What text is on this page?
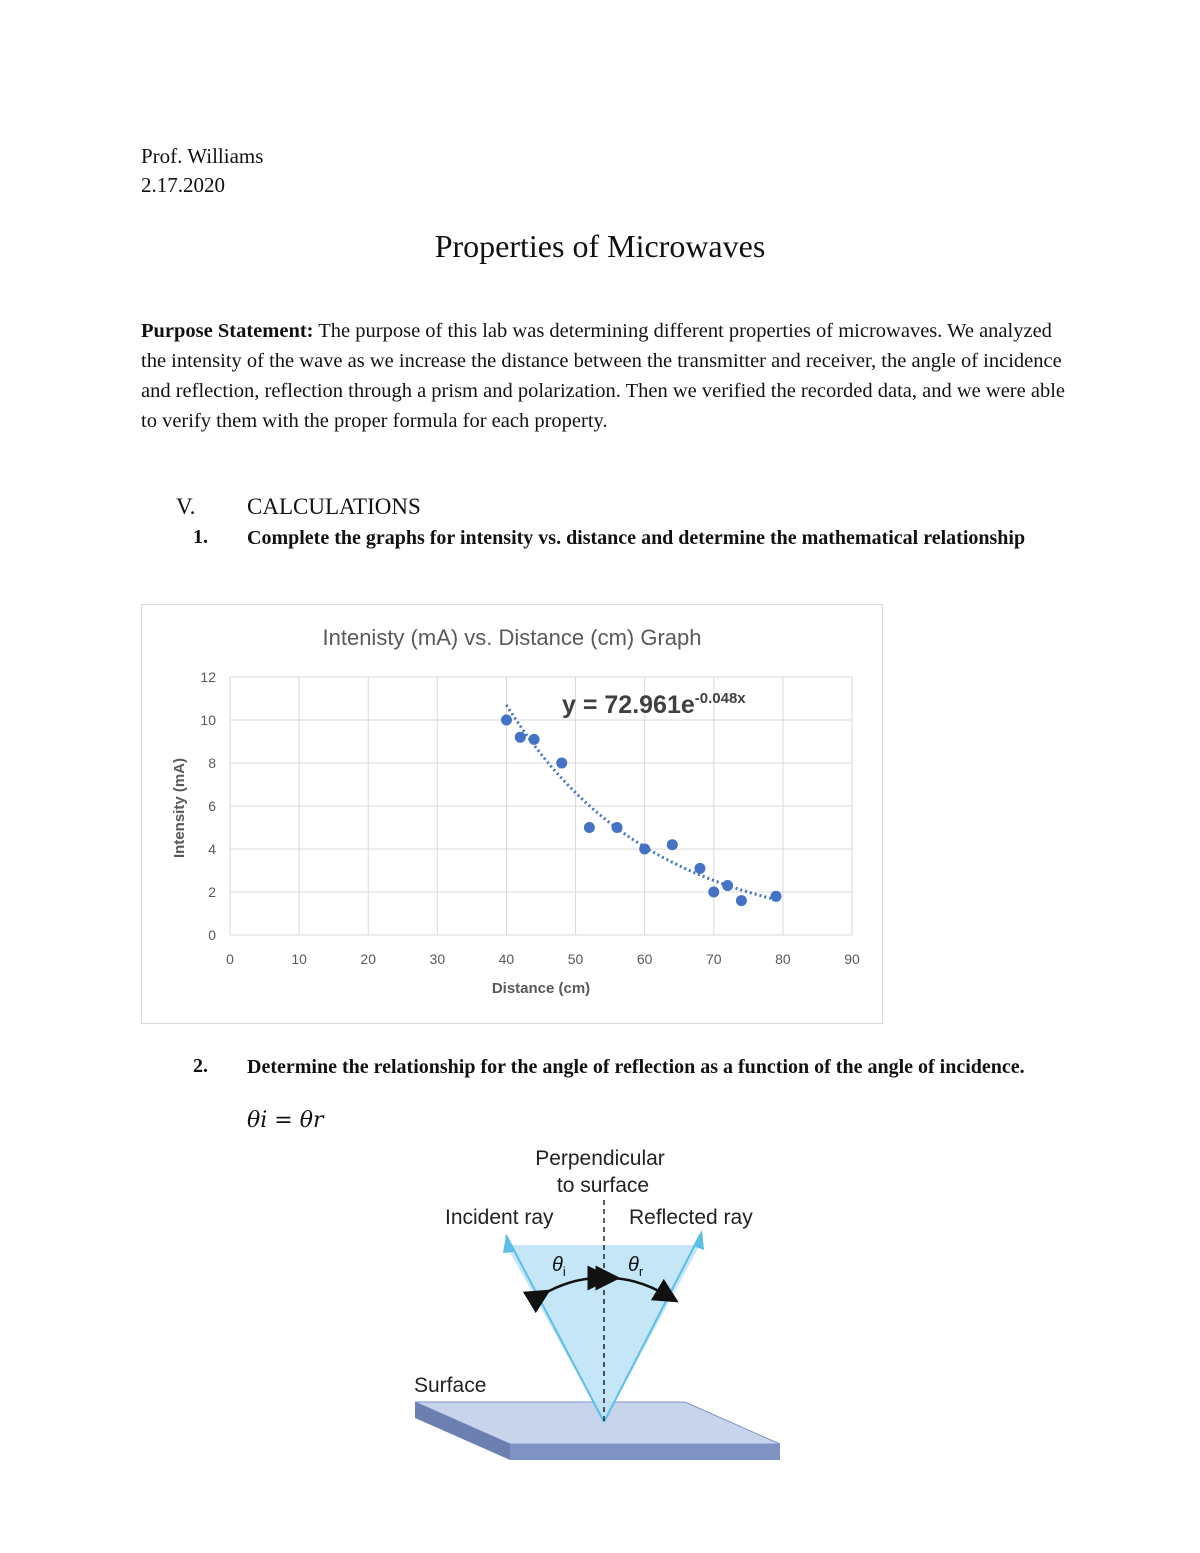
Prof. Williams
2.17.2020
Properties of Microwaves
Purpose Statement: The purpose of this lab was determining different properties of microwaves. We analyzed the intensity of the wave as we increase the distance between the transmitter and receiver, the angle of incidence and reflection, reflection through a prism and polarization. Then we verified the recorded data, and we were able to verify them with the proper formula for each property.
V. CALCULATIONS
1. Complete the graphs for intensity vs. distance and determine the mathematical relationship
Intenisty (mA) vs. Distance (cm) Graph
0
2
4
6
8
10
12
0	10	20	30	40	50	60	70	80	90
Distance (cm)
Intensity (mA)
$y = 72.961e^{-0.048x}$
2. Determine the relationship for the angle of reflection as a function of the angle of incidence.
θi = θr
Perpendicular
to surface
Incident ray	Reflected ray
$\theta_i$	$\theta_r$
Surface
